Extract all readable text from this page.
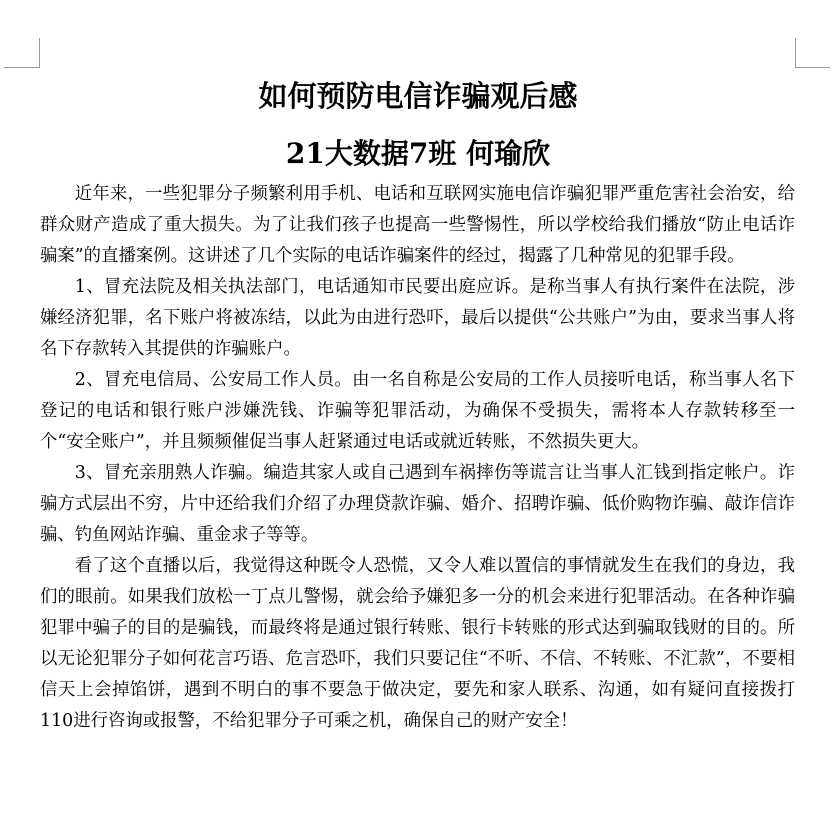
如何预防电信诈骗观后感
21大数据7班 何瑜欣

近年来，一些犯罪分子频繁利用手机、电话和互联网实施电信诈骗犯罪严重危害社会治安，给群众财产造成了重大损失。为了让我们孩子也提高一些警惕性，所以学校给我们播放“防止电话诈骗案”的直播案例。这讲述了几个实际的电话诈骗案件的经过，揭露了几种常见的犯罪手段。

1、冒充法院及相关执法部门，电话通知市民要出庭应诉。是称当事人有执行案件在法院，涉嫌经济犯罪，名下账户将被冻结，以此为由进行恐吓，最后以提供“公共账户”为由，要求当事人将名下存款转入其提供的诈骗账户。

2、冒充电信局、公安局工作人员。由一名自称是公安局的工作人员接听电话，称当事人名下登记的电话和银行账户涉嫌洗钱、诈骗等犯罪活动，为确保不受损失，需将本人存款转移至一个“安全账户”，并且频频催促当事人赶紧通过电话或就近转账，不然损失更大。

3、冒充亲朋熟人诈骗。编造其家人或自己遇到车祸摔伤等谎言让当事人汇钱到指定帐户。诈骗方式层出不穷，片中还给我们介绍了办理贷款诈骗、婚介、招聘诈骗、低价购物诈骗、敲诈信诈骗、钓鱼网站诈骗、重金求子等等。

看了这个直播以后，我觉得这种既令人恐慌，又令人难以置信的事情就发生在我们的身边，我们的眼前。如果我们放松一丁点儿警惕，就会给予嫌犯多一分的机会来进行犯罪活动。在各种诈骗犯罪中骗子的目的是骗钱，而最终将是通过银行转账、银行卡转账的形式达到骗取钱财的目的。所以无论犯罪分子如何花言巧语、危言恐吓，我们只要记住“不听、不信、不转账、不汇款”，不要相信天上会掉馅饼，遇到不明白的事不要急于做决定，要先和家人联系、沟通，如有疑问直接拨打110进行咨询或报警，不给犯罪分子可乘之机，确保自己的财产安全！
